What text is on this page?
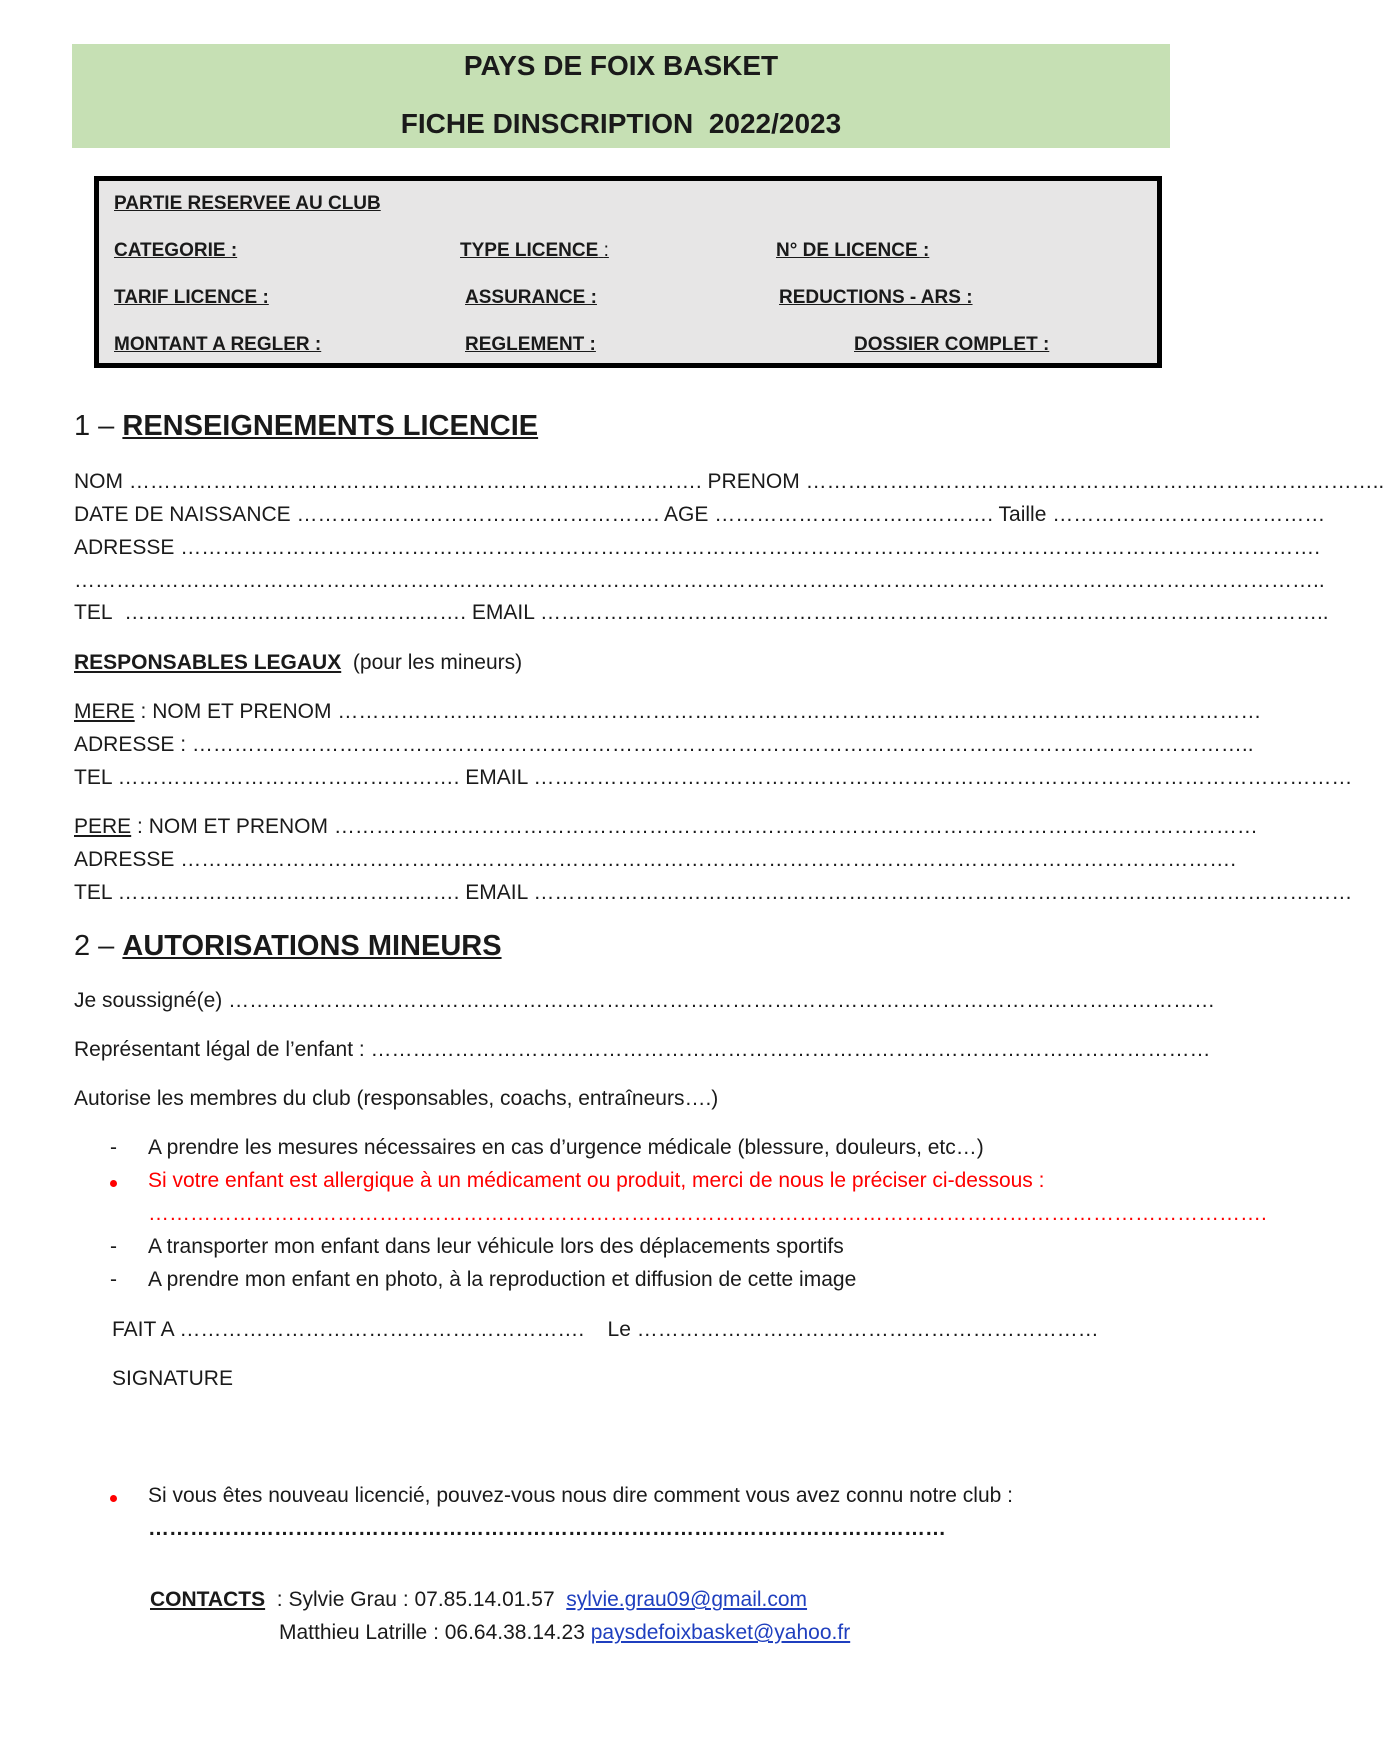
PAYS DE FOIX BASKET
FICHE DINSCRIPTION 2022/2023
PARTIE RESERVEE AU CLUB
CATEGORIE :	TYPE LICENCE :	N° DE LICENCE :
TARIF LICENCE :	ASSURANCE :	REDUCTIONS - ARS :
MONTANT A REGLER :	REGLEMENT :	DOSSIER COMPLET :
1 – RENSEIGNEMENTS LICENCIE
NOM ………………………………………………………………………. PRENOM ………………………………………………………………………..
DATE DE NAISSANCE ……………………………………………. AGE …………………………………. Taille …………………………………
ADRESSE ……………………………………………………………………………………………………………………………………………….
……………………………………………………………………………………………………………………………………………………………..
TEL …………………………………………. EMAIL …………………………………………………………………………………………………..
RESPONSABLES LEGAUX (pour les mineurs)
MERE : NOM ET PRENOM ……………………………………………………………………………………………………………………
ADRESSE : ……………………………………………………………………………………………………………………………………..
TEL …………………………………………. EMAIL ………………………………………………………………………………………………………
PERE : NOM ET PRENOM ……………………………………………………………………………………………………………………
ADRESSE …………………………………………………………………………………………………………………………………….
TEL …………………………………………. EMAIL ………………………………………………………………………………………………………
2 – AUTORISATIONS MINEURS
Je soussigné(e) ……………………………………………………………………………………………………………………………
Représentant légal de l’enfant : …………………………………………………………………………………………………………
Autorise les membres du club (responsables, coachs, entraîneurs….)
- A prendre les mesures nécessaires en cas d’urgence médicale (blessure, douleurs, etc…)
Si votre enfant est allergique à un médicament ou produit, merci de nous le préciser ci-dessous :
…………………………………………………………………………………………………………………………………………….
- A transporter mon enfant dans leur véhicule lors des déplacements sportifs
- A prendre mon enfant en photo, à la reproduction et diffusion de cette image
FAIT A …………………………………………………. Le …………………………………………………………
SIGNATURE
Si vous êtes nouveau licencié, pouvez-vous nous dire comment vous avez connu notre club :
……………………………………………………………………………………………………
CONTACTS : Sylvie Grau : 07.85.14.01.57 sylvie.grau09@gmail.com
Matthieu Latrille : 06.64.38.14.23 paysdefoixbasket@yahoo.fr
